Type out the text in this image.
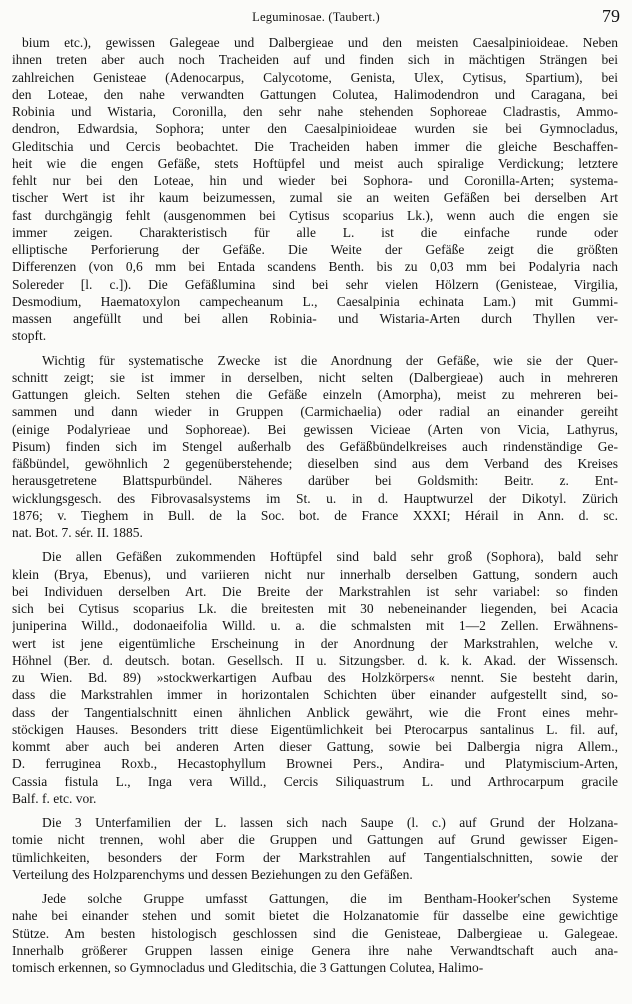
Leguminosae. (Taubert.)	79
bium etc.), gewissen Galegeae und Dalbergieae und den meisten Caesalpinioideae. Neben
ihnen treten aber auch noch Tracheiden auf und finden sich in mächtigen Strängen bei
zahlreichen Genisteae (Adenocarpus, Calycotome, Genista, Ulex, Cytisus, Spartium), bei
den Loteae, den nahe verwandten Gattungen Colutea, Halimodendron und Caragana, bei
Robinia und Wistaria, Coronilla, den sehr nahe stehenden Sophoreae Cladrastis, Ammo-
dendron, Edwardsia, Sophora; unter den Caesalpinioideae wurden sie bei Gymnocladus,
Gleditschia und Cercis beobachtet. Die Tracheiden haben immer die gleiche Beschaffen-
heit wie die engen Gefäße, stets Hoftüpfel und meist auch spiralige Verdickung; letztere
fehlt nur bei den Loteae, hin und wieder bei Sophora- und Coronilla-Arten; systema-
tischer Wert ist ihr kaum beizumessen, zumal sie an weiten Gefäßen bei derselben Art
fast durchgängig fehlt (ausgenommen bei Cytisus scoparius Lk.), wenn auch die engen sie
immer zeigen. Charakteristisch für alle L. ist die einfache runde oder
elliptische Perforierung der Gefäße. Die Weite der Gefäße zeigt die größten
Differenzen (von 0,6 mm bei Entada scandens Benth. bis zu 0,03 mm bei Podalyria nach
Solereder [l. c.]). Die Gefäßlumina sind bei sehr vielen Hölzern (Genisteae, Virgilia,
Desmodium, Haematoxylon campecheanum L., Caesalpinia echinata Lam.) mit Gummi-
massen angefüllt und bei allen Robinia- und Wistaria-Arten durch Thyllen ver-
stopft.
Wichtig für systematische Zwecke ist die Anordnung der Gefäße, wie sie der Quer-
schnitt zeigt; sie ist immer in derselben, nicht selten (Dalbergieae) auch in mehreren
Gattungen gleich. Selten stehen die Gefäße einzeln (Amorpha), meist zu mehreren bei-
sammen und dann wieder in Gruppen (Carmichaelia) oder radial an einander gereiht
(einige Podalyrieae und Sophoreae). Bei gewissen Vicieae (Arten von Vicia, Lathyrus,
Pisum) finden sich im Stengel außerhalb des Gefäßbündelkreises auch rindenständige Ge-
fäßbündel, gewöhnlich 2 gegenüberstehende; dieselben sind aus dem Verband des Kreises
herausgetretene Blattspurbündel. Näheres darüber bei Goldsmith: Beitr. z. Ent-
wicklungsgesch. des Fibrovasalsystems im St. u. in d. Hauptwurzel der Dikotyl. Zürich
1876; v. Tieghem in Bull. de la Soc. bot. de France XXXI; Hérail in Ann. d. sc.
nat. Bot. 7. sér. II. 1885.
Die allen Gefäßen zukommenden Hoftüpfel sind bald sehr groß (Sophora), bald sehr
klein (Brya, Ebenus), und variieren nicht nur innerhalb derselben Gattung, sondern auch
bei Individuen derselben Art. Die Breite der Markstrahlen ist sehr variabel: so finden
sich bei Cytisus scoparius Lk. die breitesten mit 30 nebeneinander liegenden, bei Acacia
juniperina Willd., dodonaeifolia Willd. u. a. die schmalsten mit 1—2 Zellen. Erwähnens-
wert ist jene eigentümliche Erscheinung in der Anordnung der Markstrahlen, welche v.
Höhnel (Ber. d. deutsch. botan. Gesellsch. II u. Sitzungsber. d. k. k. Akad. der Wissensch.
zu Wien. Bd. 89) »stockwerkartigen Aufbau des Holzkörpers« nennt. Sie besteht darin,
dass die Markstrahlen immer in horizontalen Schichten über einander aufgestellt sind, so-
dass der Tangentialschnitt einen ähnlichen Anblick gewährt, wie die Front eines mehr-
stöckigen Hauses. Besonders tritt diese Eigentümlichkeit bei Pterocarpus santalinus L. fil. auf,
kommt aber auch bei anderen Arten dieser Gattung, sowie bei Dalbergia nigra Allem.,
D. ferruginea Roxb., Hecastophyllum Brownei Pers., Andira- und Platymiscium-Arten,
Cassia fistula L., Inga vera Willd., Cercis Siliquastrum L. und Arthrocarpum gracile
Balf. f. etc. vor.
Die 3 Unterfamilien der L. lassen sich nach Saupe (l. c.) auf Grund der Holzana-
tomie nicht trennen, wohl aber die Gruppen und Gattungen auf Grund gewisser Eigen-
tümlichkeiten, besonders der Form der Markstrahlen auf Tangentialschnitten, sowie der
Verteilung des Holzparenchyms und dessen Beziehungen zu den Gefäßen.
Jede solche Gruppe umfasst Gattungen, die im Bentham-Hooker'schen Systeme
nahe bei einander stehen und somit bietet die Holzanatomie für dasselbe eine gewichtige
Stütze. Am besten histologisch geschlossen sind die Genisteae, Dalbergieae u. Galegeae.
Innerhalb größerer Gruppen lassen einige Genera ihre nahe Verwandtschaft auch ana-
tomisch erkennen, so Gymnocladus und Gleditschia, die 3 Gattungen Colutea, Halimo-
